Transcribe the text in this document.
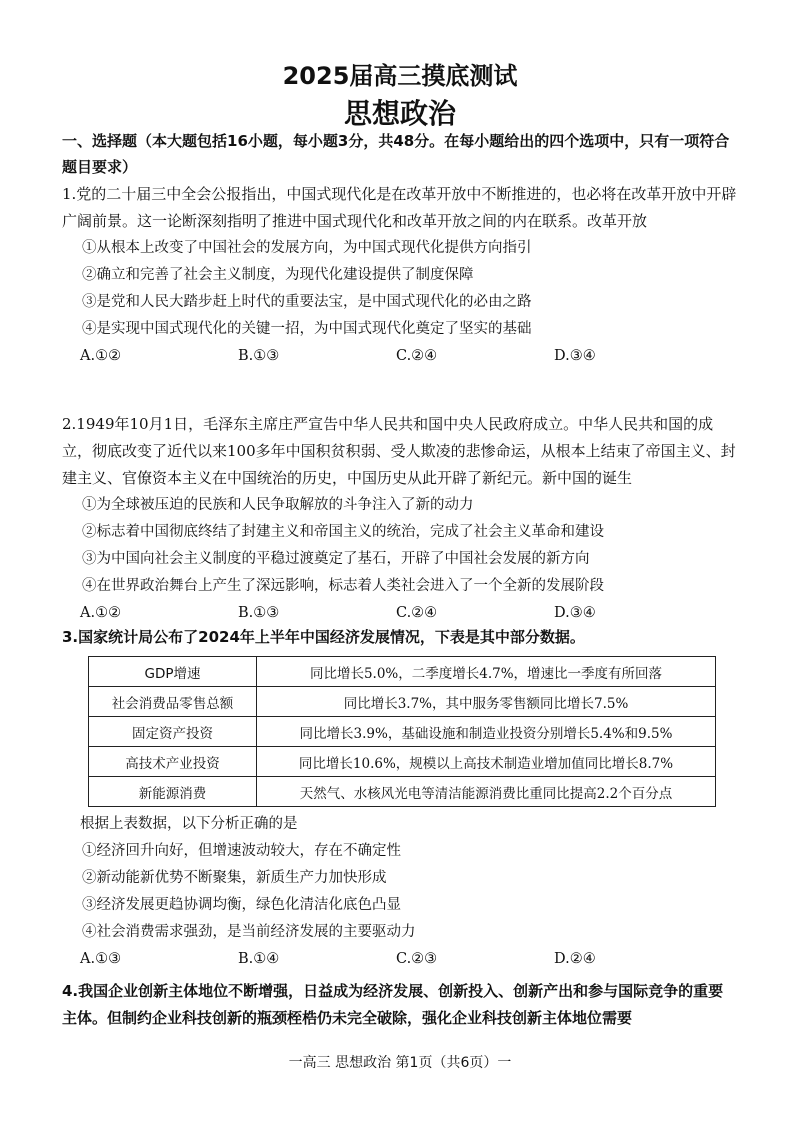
2025届高三摸底测试
思想政治
一、选择题（本大题包括16小题，每小题3分，共48分。在每小题给出的四个选项中，只有一项符合题目要求）

1.党的二十届三中全会公报指出，中国式现代化是在改革开放中不断推进的，也必将在改革开放中开辟广阔前景。这一论断深刻指明了推进中国式现代化和改革开放之间的内在联系。改革开放

①从根本上改变了中国社会的发展方向，为中国式现代化提供方向指引

②确立和完善了社会主义制度，为现代化建设提供了制度保障

③是党和人民大踏步赶上时代的重要法宝，是中国式现代化的必由之路

④是实现中国式现代化的关键一招，为中国式现代化奠定了坚实的基础

A.①②	B.①③	C.②④	D.③④

2.1949年10月1日，毛泽东主席庄严宣告中华人民共和国中央人民政府成立。中华人民共和国的成立，彻底改变了近代以来100多年中国积贫积弱、受人欺凌的悲惨命运，从根本上结束了帝国主义、封建主义、官僚资本主义在中国统治的历史，中国历史从此开辟了新纪元。新中国的诞生

①为全球被压迫的民族和人民争取解放的斗争注入了新的动力

②标志着中国彻底终结了封建主义和帝国主义的统治，完成了社会主义革命和建设

③为中国向社会主义制度的平稳过渡奠定了基石，开辟了中国社会发展的新方向

④在世界政治舞台上产生了深远影响，标志着人类社会进入了一个全新的发展阶段

A.①②	B.①③	C.②④	D.③④
3.国家统计局公布了2024年上半年中国经济发展情况，下表是其中部分数据。
GDP增速	同比增长5.0%，二季度增长4.7%，增速比一季度有所回落
社会消费品零售总额	同比增长3.7%，其中服务零售额同比增长7.5%
固定资产投资	同比增长3.9%，基础设施和制造业投资分别增长5.4%和9.5%
高技术产业投资	同比增长10.6%，规模以上高技术制造业增加值同比增长8.7%
新能源消费	天然气、水核风光电等清洁能源消费比重同比提高2.2个百分点

根据上表数据，以下分析正确的是

①经济回升向好，但增速波动较大，存在不确定性

②新动能新优势不断聚集，新质生产力加快形成

③经济发展更趋协调均衡，绿色化清洁化底色凸显

④社会消费需求强劲，是当前经济发展的主要驱动力

A.①③	B.①④	C.②③	D.②④
4.我国企业创新主体地位不断增强，日益成为经济发展、创新投入、创新产出和参与国际竞争的重要主体。但制约企业科技创新的瓶颈桎梏仍未完全破除，强化企业科技创新主体地位需要
一高三 思想政治 第1页（共6页）一
